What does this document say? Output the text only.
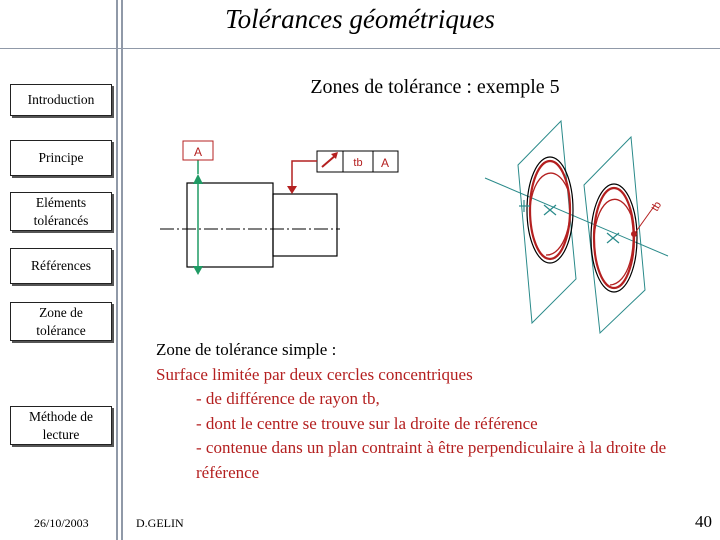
Tolérances géométriques
Zones de tolérance : exemple 5
Introduction
Principe
Eléments tolérancés
Références
Zone de tolérance
Méthode de lecture
A
tb A
tb
Zone de tolérance simple :
Surface limitée par deux cercles concentriques
- de différence de rayon tb,
- dont le centre se trouve sur la droite de référence
- contenue dans un plan contraint à être perpendiculaire à la droite de référence
26/10/2003	D.GELIN	40
